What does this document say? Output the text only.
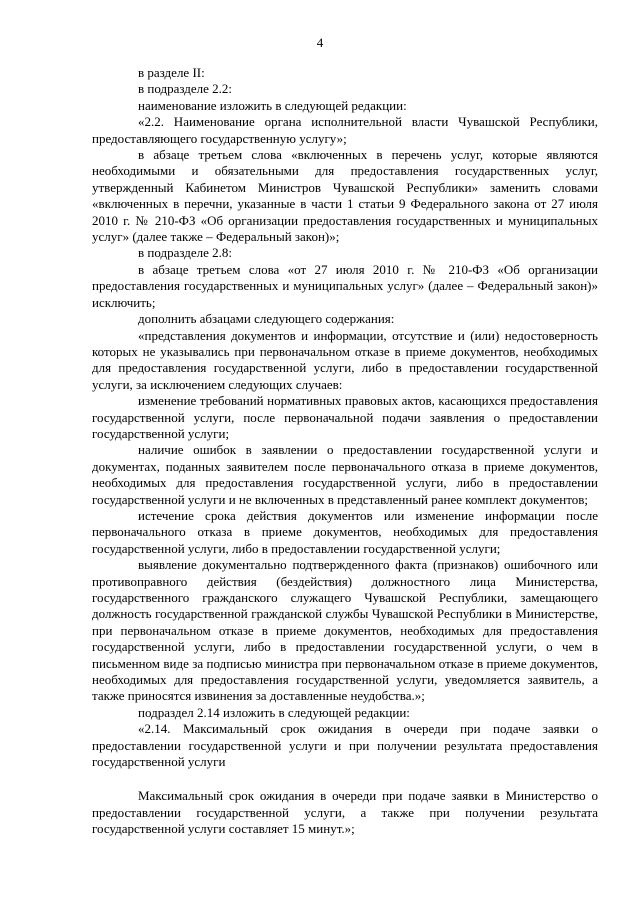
4

в разделе II:

в подразделе 2.2:

наименование изложить в следующей редакции:

«2.2. Наименование органа исполнительной власти Чувашской Республики, предоставляющего государственную услугу»;

в абзаце третьем слова «включенных в перечень услуг, которые являются необходимыми и обязательными для предоставления государственных услуг, утвержденный Кабинетом Министров Чувашской Республики» заменить словами «включенных в перечни, указанные в части 1 статьи 9 Федерального закона от 27 июля 2010 г. № 210-ФЗ «Об организации предоставления государственных и муниципальных услуг» (далее также – Федеральный закон)»;

в подразделе 2.8:

в абзаце третьем слова «от 27 июля 2010 г. № 210-ФЗ «Об организации предоставления государственных и муниципальных услуг» (далее – Федеральный закон)» исключить;

дополнить абзацами следующего содержания:

«представления документов и информации, отсутствие и (или) недостоверность которых не указывались при первоначальном отказе в приеме документов, необходимых для предоставления государственной услуги, либо в предоставлении государственной услуги, за исключением следующих случаев:

изменение требований нормативных правовых актов, касающихся предоставления государственной услуги, после первоначальной подачи заявления о предоставлении государственной услуги;

наличие ошибок в заявлении о предоставлении государственной услуги и документах, поданных заявителем после первоначального отказа в приеме документов, необходимых для предоставления государственной услуги, либо в предоставлении государственной услуги и не включенных в представленный ранее комплект документов;

истечение срока действия документов или изменение информации после первоначального отказа в приеме документов, необходимых для предоставления государственной услуги, либо в предоставлении государственной услуги;

выявление документально подтвержденного факта (признаков) ошибочного или противоправного действия (бездействия) должностного лица Министерства, государственного гражданского служащего Чувашской Республики, замещающего должность государственной гражданской службы Чувашской Республики в Министерстве, при первоначальном отказе в приеме документов, необходимых для предоставления государственной услуги, либо в предоставлении государственной услуги, о чем в письменном виде за подписью министра при первоначальном отказе в приеме документов, необходимых для предоставления государственной услуги, уведомляется заявитель, а также приносятся извинения за доставленные неудобства.»;

подраздел 2.14 изложить в следующей редакции:

«2.14. Максимальный срок ожидания в очереди при подаче заявки о предоставлении государственной услуги и при получении результата предоставления государственной услуги

Максимальный срок ожидания в очереди при подаче заявки в Министерство о предоставлении государственной услуги, а также при получении результата государственной услуги составляет 15 минут.»;
